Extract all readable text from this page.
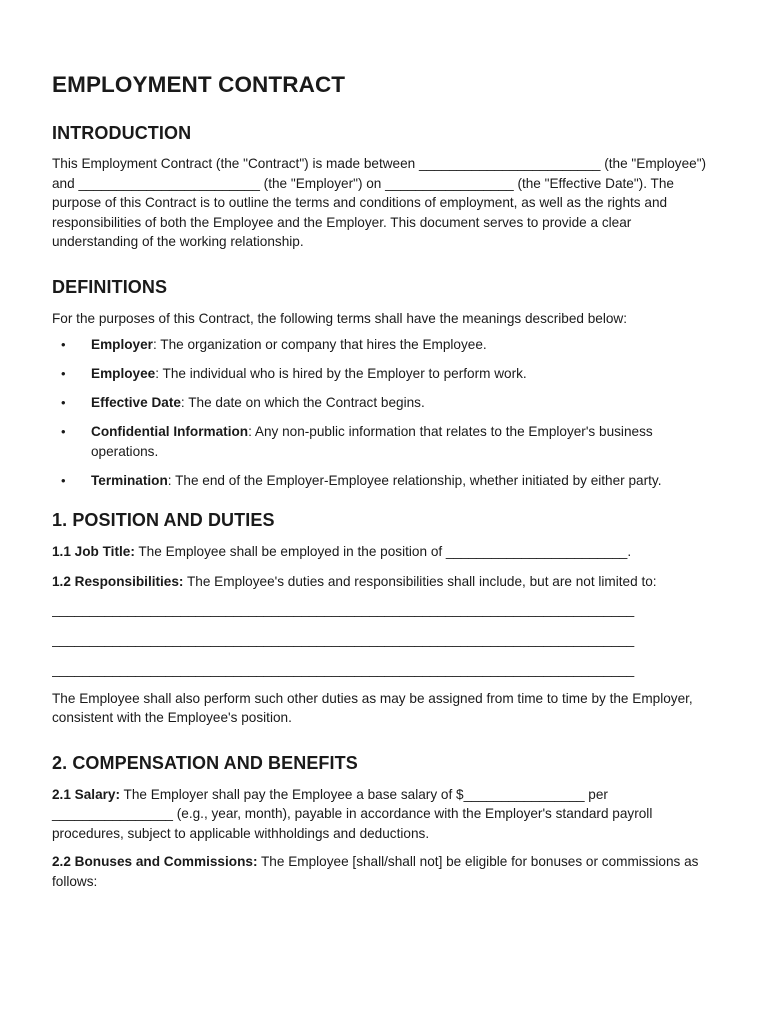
EMPLOYMENT CONTRACT
INTRODUCTION

This Employment Contract (the "Contract") is made between ________________________ (the "Employee") and ________________________ (the "Employer") on _________________ (the "Effective Date"). The purpose of this Contract is to outline the terms and conditions of employment, as well as the rights and responsibilities of both the Employee and the Employer. This document serves to provide a clear understanding of the working relationship.

DEFINITIONS

For the purposes of this Contract, the following terms shall have the meanings described below:

• Employer: The organization or company that hires the Employee.
• Employee: The individual who is hired by the Employer to perform work.
• Effective Date: The date on which the Contract begins.
• Confidential Information: Any non-public information that relates to the Employer's business operations.
• Termination: The end of the Employer-Employee relationship, whether initiated by either party.
1. POSITION AND DUTIES

1.1 Job Title: The Employee shall be employed in the position of ________________________.

1.2 Responsibilities: The Employee's duties and responsibilities shall include, but are not limited to:

_____________________________________________________________________________
_____________________________________________________________________________
_____________________________________________________________________________

The Employee shall also perform such other duties as may be assigned from time to time by the Employer, consistent with the Employee's position.

2. COMPENSATION AND BENEFITS

2.1 Salary: The Employer shall pay the Employee a base salary of $________________ per ________________ (e.g., year, month), payable in accordance with the Employer's standard payroll procedures, subject to applicable withholdings and deductions.

2.2 Bonuses and Commissions: The Employee [shall/shall not] be eligible for bonuses or commissions as follows:
